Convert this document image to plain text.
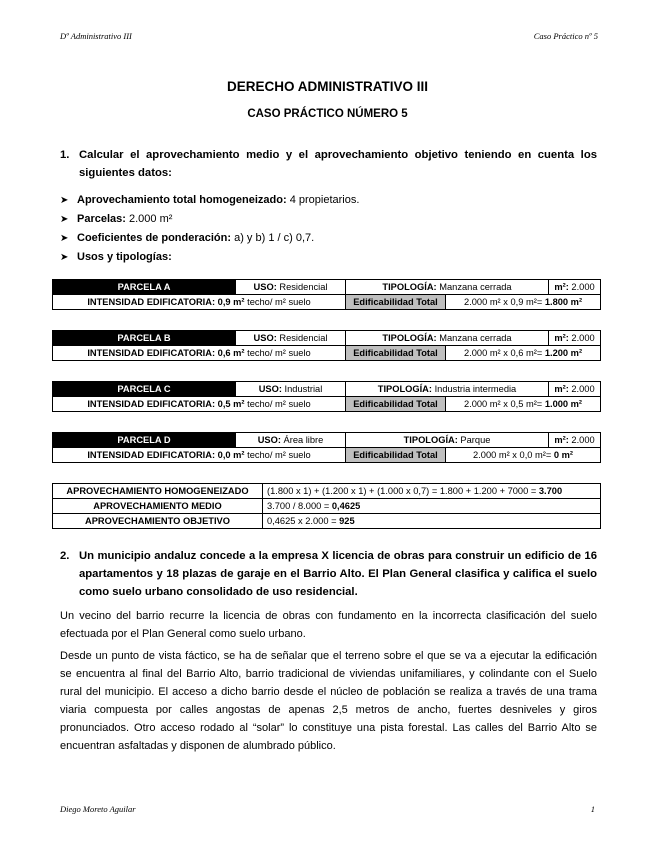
Dº Administrativo III	Caso Práctico nº 5
DERECHO ADMINISTRATIVO III
CASO PRÁCTICO NÚMERO 5
1. Calcular el aprovechamiento medio y el aprovechamiento objetivo teniendo en cuenta los siguientes datos:
➤ Aprovechamiento total homogeneizado: 4 propietarios.
➤ Parcelas: 2.000 m²
➤ Coeficientes de ponderación: a) y b) 1 / c) 0,7.
➤ Usos y tipologías:
PARCELA A	USO: Residencial	TIPOLOGÍA: Manzana cerrada		m²: 2.000
INTENSIDAD EDIFICATORIA: 0,9 m² techo/ m² suelo		Edificabilidad Total	2.000 m² x 0,9 m²= 1.800 m²	
PARCELA B	USO: Residencial	TIPOLOGÍA: Manzana cerrada		m²: 2.000
INTENSIDAD EDIFICATORIA: 0,6 m² techo/ m² suelo		Edificabilidad Total	2.000 m² x 0,6 m²= 1.200 m²	
PARCELA C	USO: Industrial	TIPOLOGÍA: Industria intermedia		m²: 2.000
INTENSIDAD EDIFICATORIA: 0,5 m² techo/ m² suelo		Edificabilidad Total	2.000 m² x 0,5 m²= 1.000 m²	
PARCELA D	USO: Área libre	TIPOLOGÍA: Parque		m²: 2.000
INTENSIDAD EDIFICATORIA: 0,0 m² techo/ m² suelo		Edificabilidad Total	2.000 m² x 0,0 m²= 0 m²	
APROVECHAMIENTO HOMOGENEIZADO	(1.800 x 1) + (1.200 x 1) + (1.000 x 0,7) = 1.800 + 1.200 + 7000 = 3.700
APROVECHAMIENTO MEDIO	3.700 / 8.000 = 0,4625
APROVECHAMIENTO OBJETIVO	0,4625 x 2.000 = 925
2. Un municipio andaluz concede a la empresa X licencia de obras para construir un edificio de 16 apartamentos y 18 plazas de garaje en el Barrio Alto. El Plan General clasifica y califica el suelo como suelo urbano consolidado de uso residencial.
Un vecino del barrio recurre la licencia de obras con fundamento en la incorrecta clasificación del suelo efectuada por el Plan General como suelo urbano.
Desde un punto de vista fáctico, se ha de señalar que el terreno sobre el que se va a ejecutar la edificación se encuentra al final del Barrio Alto, barrio tradicional de viviendas unifamiliares, y colindante con el Suelo rural del municipio. El acceso a dicho barrio desde el núcleo de población se realiza a través de una trama viaria compuesta por calles angostas de apenas 2,5 metros de ancho, fuertes desniveles y giros pronunciados. Otro acceso rodado al “solar” lo constituye una pista forestal. Las calles del Barrio Alto se encuentran asfaltadas y disponen de alumbrado público.
Diego Moreto Aguilar	1
